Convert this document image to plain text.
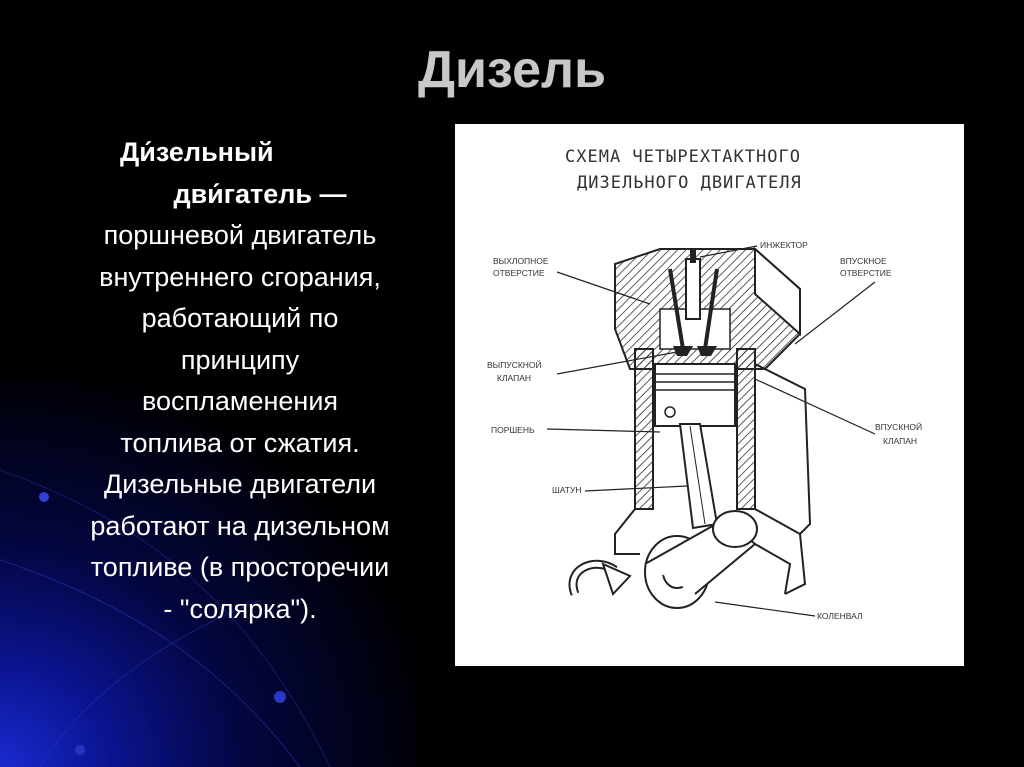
Дизель
Ди́зельный
дви́гатель —
поршневой двигатель
внутреннего сгорания,
работающий по
принципу
воспламенения
топлива от сжатия.
Дизельные двигатели
работают на дизельном
топливе (в просторечии
- "солярка").
СХЕМА ЧЕТЫРЕХТАКТНОГО
ДИЗЕЛЬНОГО ДВИГАТЕЛЯ
ВЫХЛОПНОЕ
ОТВЕРСТИЕ
ИНЖЕКТОР
ВПУСКНОЕ
ОТВЕРСТИЕ
ВЫПУСКНОЙ
КЛАПАН
ПОРШЕНЬ	ВПУСКНОЙ
КЛАПАН
ШАТУН
КОЛЕНВАЛ
